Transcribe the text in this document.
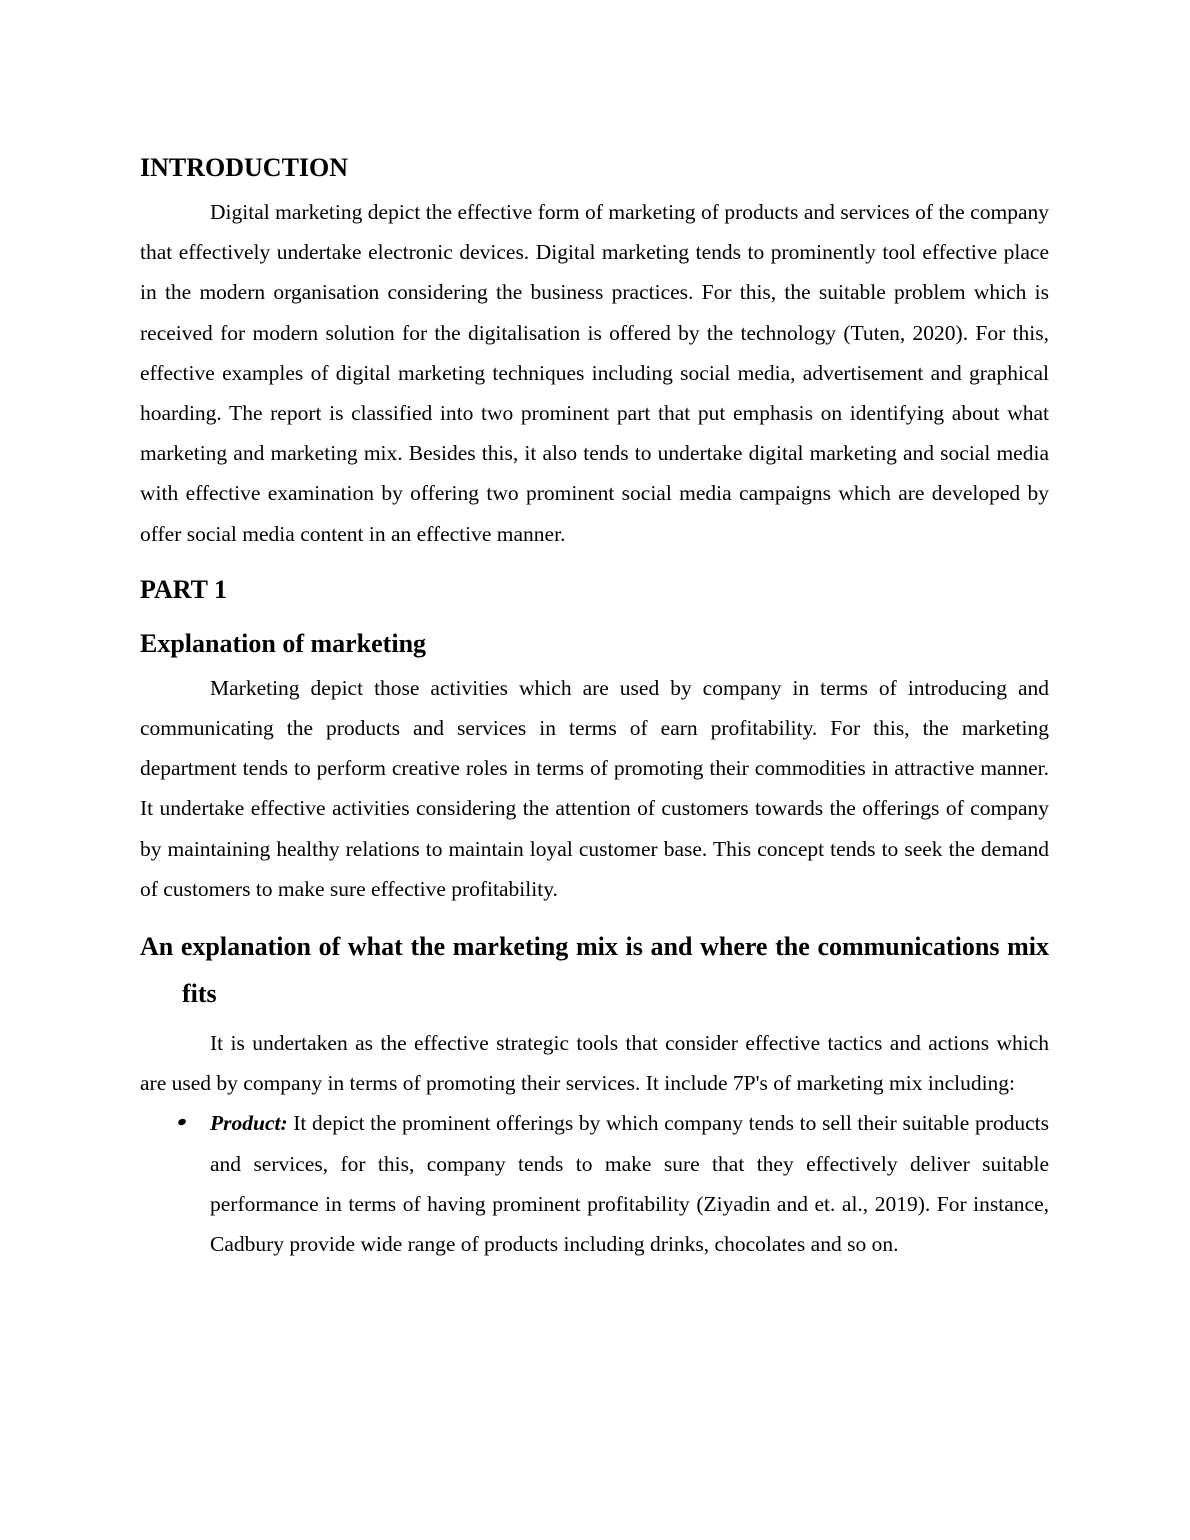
INTRODUCTION

Digital marketing depict the effective form of marketing of products and services of the company that effectively undertake electronic devices. Digital marketing tends to prominently tool effective place in the modern organisation considering the business practices. For this, the suitable problem which is received for modern solution for the digitalisation is offered by the technology (Tuten, 2020). For this, effective examples of digital marketing techniques including social media, advertisement and graphical hoarding. The report is classified into two prominent part that put emphasis on identifying about what marketing and marketing mix. Besides this, it also tends to undertake digital marketing and social media with effective examination by offering two prominent social media campaigns which are developed by offer social media content in an effective manner.

PART 1
Explanation of marketing

Marketing depict those activities which are used by company in terms of introducing and communicating the products and services in terms of earn profitability. For this, the marketing department tends to perform creative roles in terms of promoting their commodities in attractive manner. It undertake effective activities considering the attention of customers towards the offerings of company by maintaining healthy relations to maintain loyal customer base. This concept tends to seek the demand of customers to make sure effective profitability.

An explanation of what the marketing mix is and where the communications mix fits

It is undertaken as the effective strategic tools that consider effective tactics and actions which are used by company in terms of promoting their services. It include 7P's of marketing mix including:

Product: It depict the prominent offerings by which company tends to sell their suitable products and services, for this, company tends to make sure that they effectively deliver suitable performance in terms of having prominent profitability (Ziyadin and et. al., 2019). For instance, Cadbury provide wide range of products including drinks, chocolates and so on.
